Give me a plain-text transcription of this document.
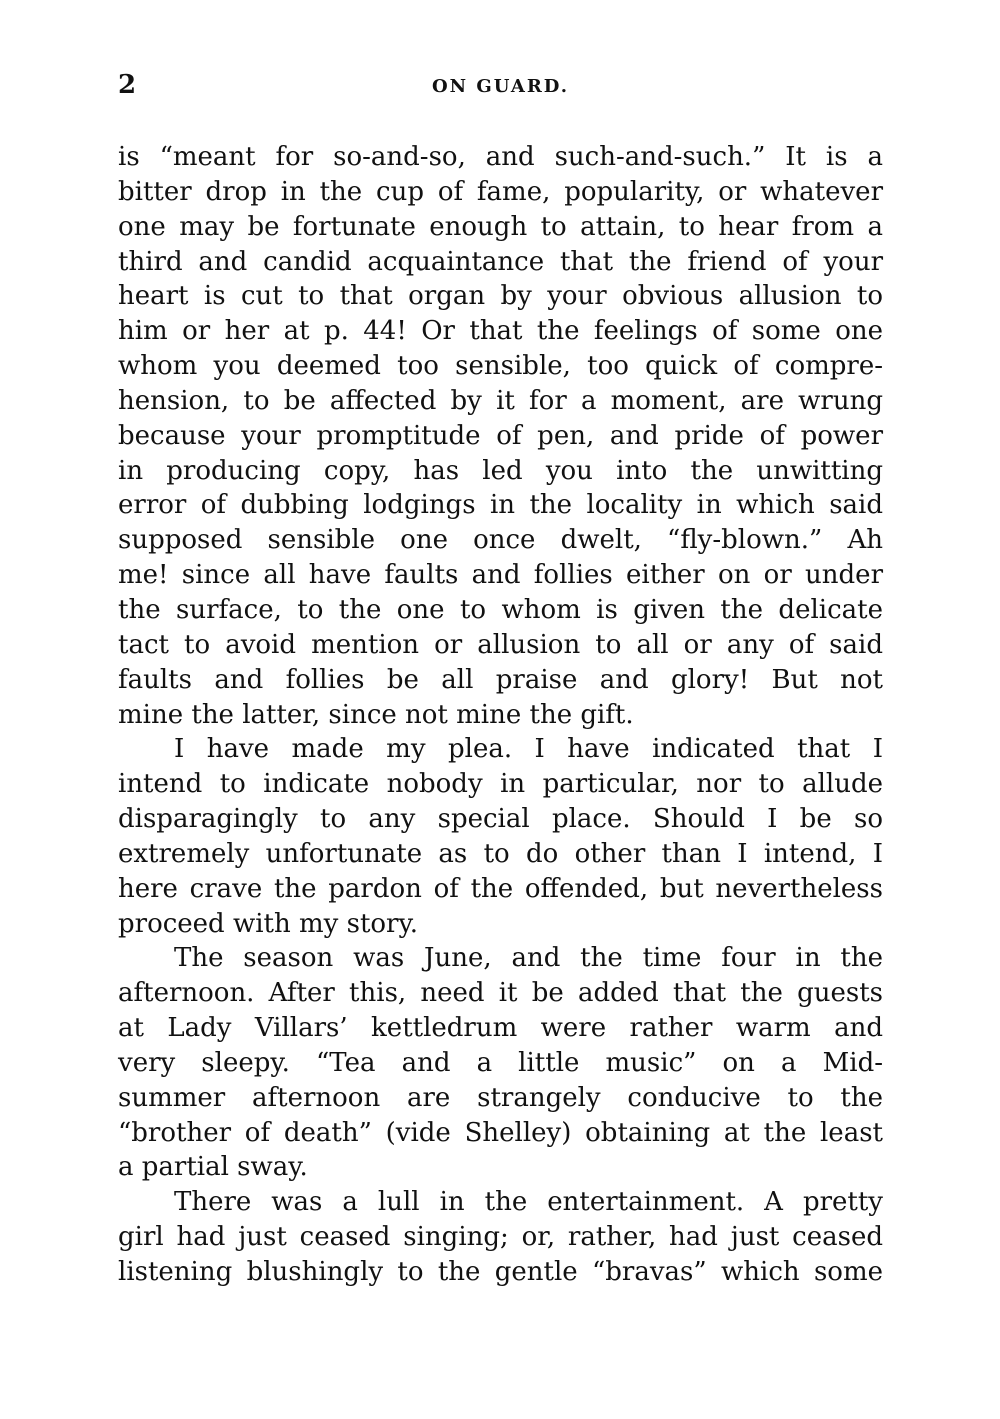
2	ON GUARD.
is “meant for so-and-so, and such-and-such.” It is a
bitter drop in the cup of fame, popularity, or whatever
one may be fortunate enough to attain, to hear from a
third and candid acquaintance that the friend of your
heart is cut to that organ by your obvious allusion to
him or her at p. 44! Or that the feelings of some one
whom you deemed too sensible, too quick of compre-
hension, to be affected by it for a moment, are wrung
because your promptitude of pen, and pride of power
in producing copy, has led you into the unwitting
error of dubbing lodgings in the locality in which said
supposed sensible one once dwelt, “fly-blown.” Ah
me! since all have faults and follies either on or under
the surface, to the one to whom is given the delicate
tact to avoid mention or allusion to all or any of said
faults and follies be all praise and glory! But not
mine the latter, since not mine the gift.
I have made my plea. I have indicated that I
intend to indicate nobody in particular, nor to allude
disparagingly to any special place. Should I be so
extremely unfortunate as to do other than I intend, I
here crave the pardon of the offended, but nevertheless
proceed with my story.
The season was June, and the time four in the
afternoon. After this, need it be added that the guests
at Lady Villars’ kettledrum were rather warm and
very sleepy. “Tea and a little music” on a Mid-
summer afternoon are strangely conducive to the
“brother of death” (vide Shelley) obtaining at the least
a partial sway.
There was a lull in the entertainment. A pretty
girl had just ceased singing; or, rather, had just ceased
listening blushingly to the gentle “bravas” which some
